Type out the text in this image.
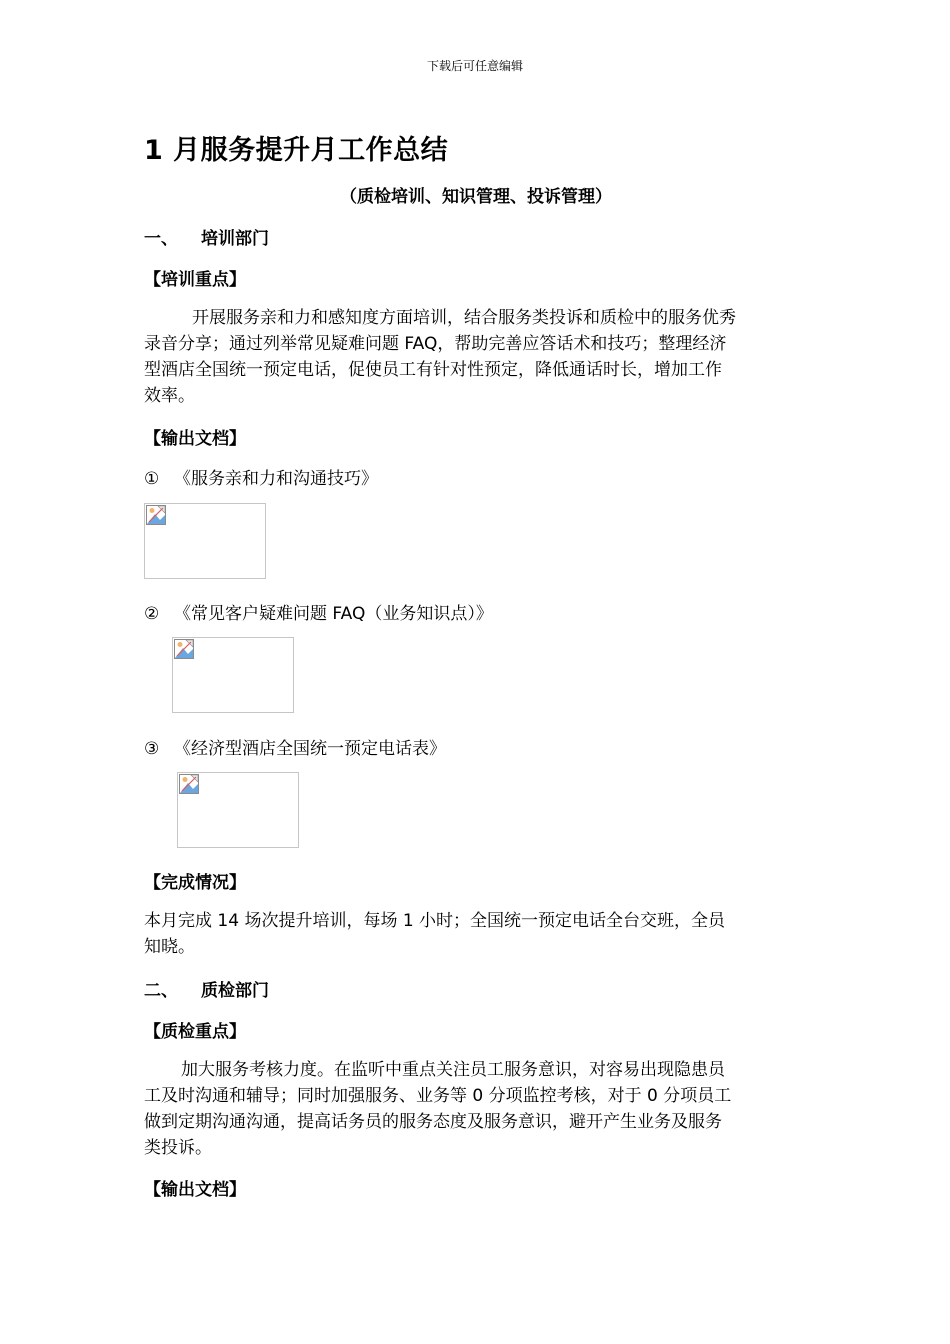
下载后可任意编辑
1 月服务提升月工作总结
（质检培训、知识管理、投诉管理）
一、 培训部门
【培训重点】

开展服务亲和力和感知度方面培训，结合服务类投诉和质检中的服务优秀

录音分享；通过列举常见疑难问题 FAQ，帮助完善应答话术和技巧；整理经济

型酒店全国统一预定电话，促使员工有针对性预定，降低通话时长，增加工作

效率。

【输出文档】
① 《服务亲和力和沟通技巧》
② 《常见客户疑难问题 FAQ（业务知识点）》
③ 《经济型酒店全国统一预定电话表》
【完成情况】

本月完成 14 场次提升培训，每场 1 小时；全国统一预定电话全台交班，全员

知晓。

二、 质检部门
【质检重点】

加大服务考核力度。在监听中重点关注员工服务意识，对容易出现隐患员

工及时沟通和辅导；同时加强服务、业务等 0 分项监控考核，对于 0 分项员工

做到定期沟通沟通，提高话务员的服务态度及服务意识，避开产生业务及服务

类投诉。

【输出文档】
